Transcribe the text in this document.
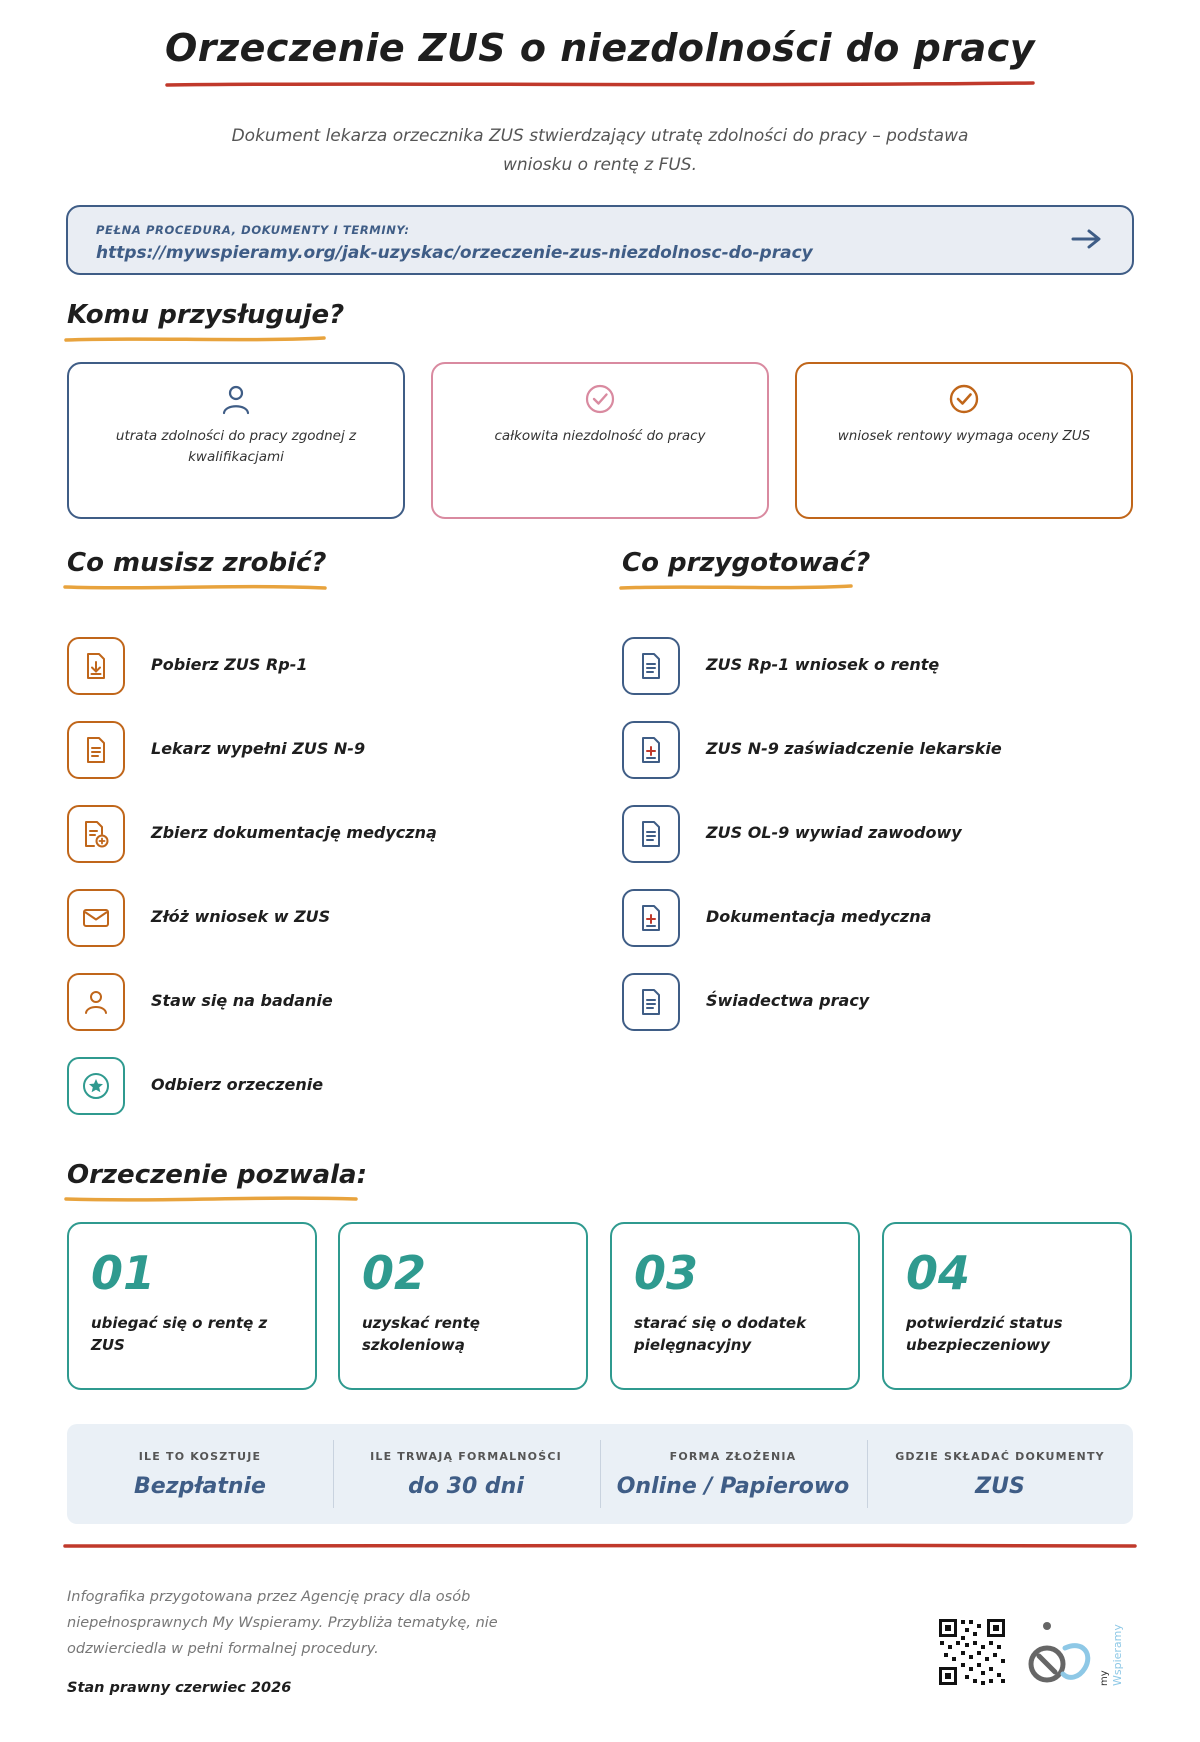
Orzeczenie ZUS o niezdolności do pracy
Dokument lekarza orzecznika ZUS stwierdzający utratę zdolności do pracy – podstawa wniosku o rentę z FUS.
PEŁNA PROCEDURA, DOKUMENTY I TERMINY:
https://mywspieramy.org/jak-uzyskac/orzeczenie-zus-niezdolnosc-do-pracy
Komu przysługuje?
utrata zdolności do pracy zgodnej z kwalifikacjami
całkowita niezdolność do pracy	wniosek rentowy wymaga oceny ZUS
Co musisz zrobić?
Pobierz ZUS Rp-1
Lekarz wypełni ZUS N-9
Zbierz dokumentację medyczną
Złóż wniosek w ZUS
Staw się na badanie
Odbierz orzeczenie
Co przygotować?
ZUS Rp-1 wniosek o rentę
ZUS N-9 zaświadczenie lekarskie
ZUS OL-9 wywiad zawodowy
Dokumentacja medyczna
Świadectwa pracy
Orzeczenie pozwala:
01
ubiegać się o rentę z ZUS
02
uzyskać rentę szkoleniową
03
starać się o dodatek pielęgnacyjny
04
potwierdzić status ubezpieczeniowy
ILE TO KOSZTUJE
Bezpłatnie
ILE TRWAJĄ FORMALNOŚCI
do 30 dni
FORMA ZŁOŻENIA
Online / Papierowo
GDZIE SKŁADAĆ DOKUMENTY
ZUS
Infografika przygotowana przez Agencję pracy dla osób niepełnosprawnych My Wspieramy. Przybliża tematykę, nie odzwierciedla w pełni formalnej procedury.
Stan prawny czerwiec 2026
my Wspieramy
